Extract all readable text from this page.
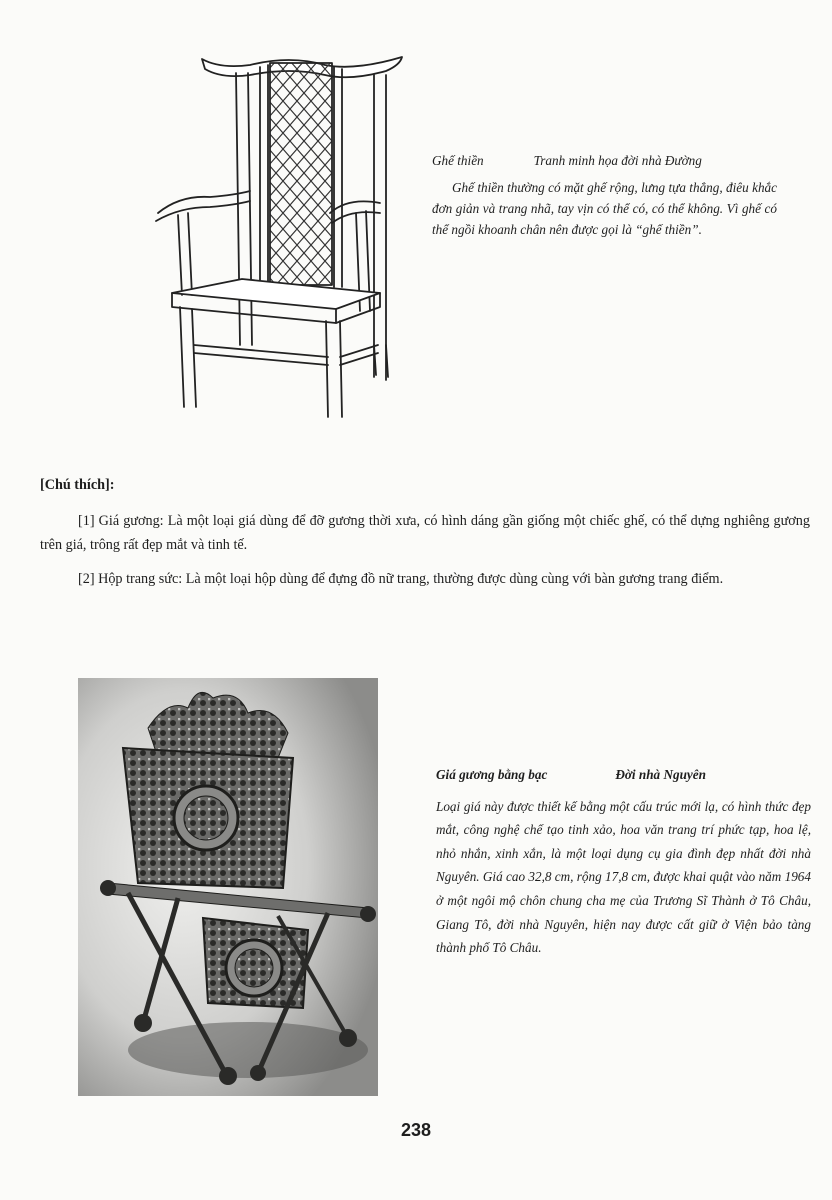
Ghế thiền	Tranh minh họa đời nhà Đường
Ghế thiền thường có mặt ghế rộng, lưng tựa thẳng, điêu khắc đơn giản và trang nhã, tay vịn có thể có, có thể không. Vì ghế có thể ngồi khoanh chân nên được gọi là “ghế thiền”.
[Chú thích]:

[1] Giá gương: Là một loại giá dùng để đỡ gương thời xưa, có hình dáng gần giống một chiếc ghế, có thể dựng nghiêng gương trên giá, trông rất đẹp mắt và tinh tế.

[2] Hộp trang sức: Là một loại hộp dùng để đựng đồ nữ trang, thường được dùng cùng với bàn gương trang điểm.

Giá gương bằng bạc	Đời nhà Nguyên
Loại giá này được thiết kế bằng một cấu trúc mới lạ, có hình thức đẹp mắt, công nghệ chế tạo tinh xảo, hoa văn trang trí phức tạp, hoa lệ, nhỏ nhắn, xinh xắn, là một loại dụng cụ gia đình đẹp nhất đời nhà Nguyên. Giá cao 32,8 cm, rộng 17,8 cm, được khai quật vào năm 1964 ở một ngôi mộ chôn chung cha mẹ của Trương Sĩ Thành ở Tô Châu, Giang Tô, đời nhà Nguyên, hiện nay được cất giữ ở Viện bảo tàng thành phố Tô Châu.
238
